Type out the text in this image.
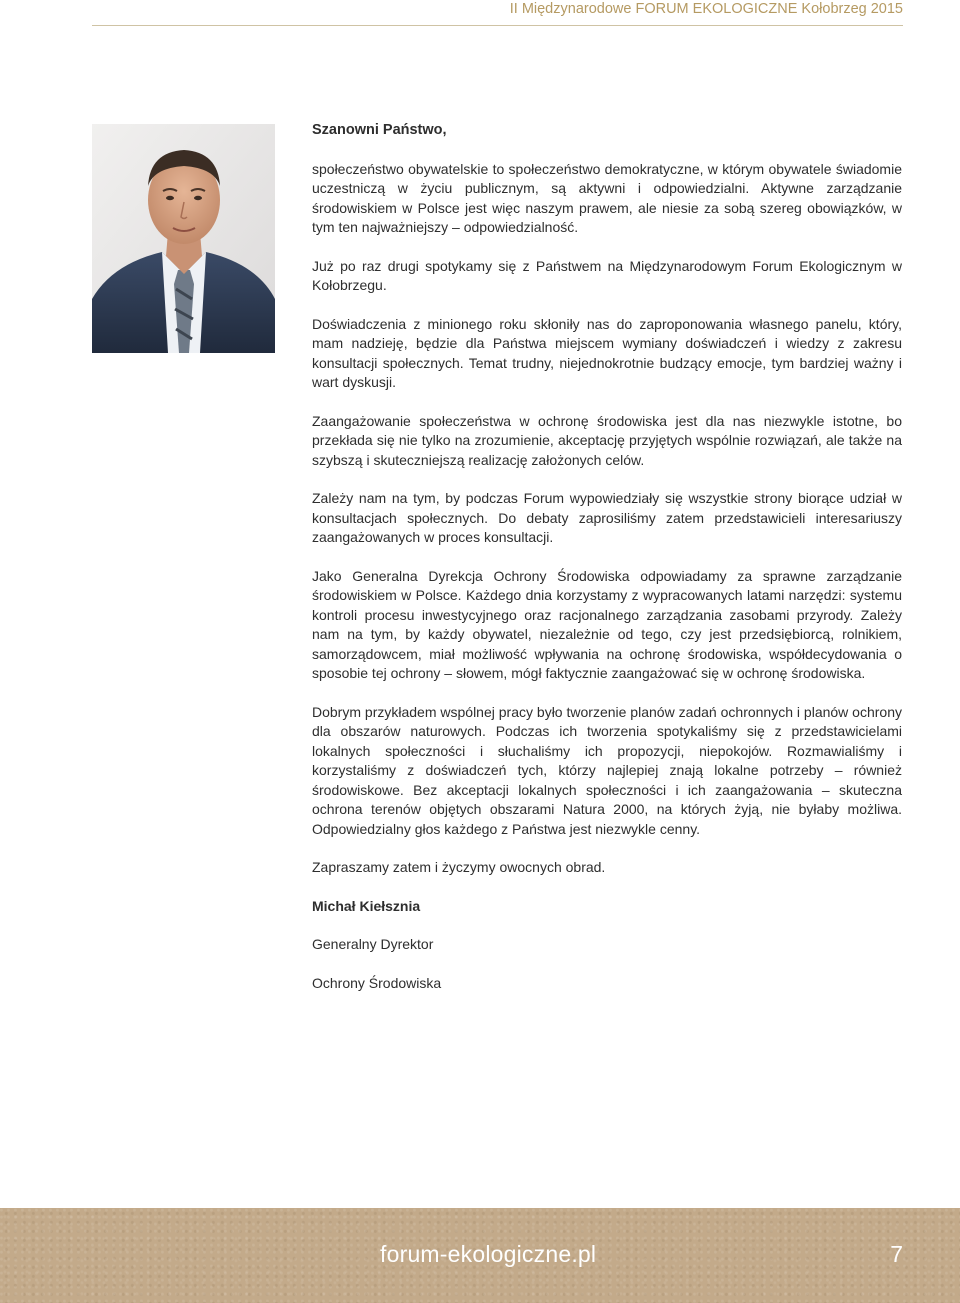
II Międzynarodowe FORUM EKOLOGICZNE Kołobrzeg 2015

Szanowni Państwo,

społeczeństwo obywatelskie to społeczeństwo demokratyczne, w którym obywatele świadomie uczestniczą w życiu publicznym, są aktywni i odpowiedzialni. Aktywne zarządzanie środowiskiem w Polsce jest więc naszym prawem, ale niesie za sobą szereg obowiązków, w tym ten najważniejszy – odpowiedzialność.

Już po raz drugi spotykamy się z Państwem na Międzynarodowym Forum Ekologicznym w Kołobrzegu.

Doświadczenia z minionego roku skłoniły nas do zaproponowania własnego panelu, który, mam nadzieję, będzie dla Państwa miejscem wymiany doświadczeń i wiedzy z zakresu konsultacji społecznych. Temat trudny, niejednokrotnie budzący emocje, tym bardziej ważny i wart dyskusji.

Zaangażowanie społeczeństwa w ochronę środowiska jest dla nas niezwykle istotne, bo przekłada się nie tylko na zrozumienie, akceptację przyjętych wspólnie rozwiązań, ale także na szybszą i skuteczniejszą realizację założonych celów.

Zależy nam na tym, by podczas Forum wypowiedziały się wszystkie strony biorące udział w konsultacjach społecznych. Do debaty zaprosiliśmy zatem przedstawicieli interesariuszy zaangażowanych w proces konsultacji.

Jako Generalna Dyrekcja Ochrony Środowiska odpowiadamy za sprawne zarządzanie środowiskiem w Polsce. Każdego dnia korzystamy z wypracowanych latami narzędzi: systemu kontroli procesu inwestycyjnego oraz racjonalnego zarządzania zasobami przyrody. Zależy nam na tym, by każdy obywatel, niezależnie od tego, czy jest przedsiębiorcą, rolnikiem, samorządowcem, miał możliwość wpływania na ochronę środowiska, współdecydowania o sposobie tej ochrony – słowem, mógł faktycznie zaangażować się w ochronę środowiska.

Dobrym przykładem wspólnej pracy było tworzenie planów zadań ochronnych i planów ochrony dla obszarów naturowych. Podczas ich tworzenia spotykaliśmy się z przedstawicielami lokalnych społeczności i słuchaliśmy ich propozycji, niepokojów. Rozmawialiśmy i korzystaliśmy z doświadczeń tych, którzy najlepiej znają lokalne potrzeby – również środowiskowe. Bez akceptacji lokalnych społeczności i ich zaangażowania – skuteczna ochrona terenów objętych obszarami Natura 2000, na których żyją, nie byłaby możliwa. Odpowiedzialny głos każdego z Państwa jest niezwykle cenny.

Zapraszamy zatem i życzymy owocnych obrad.

Michał Kiełsznia

Generalny Dyrektor

Ochrony Środowiska

forum-ekologiczne.pl	7
